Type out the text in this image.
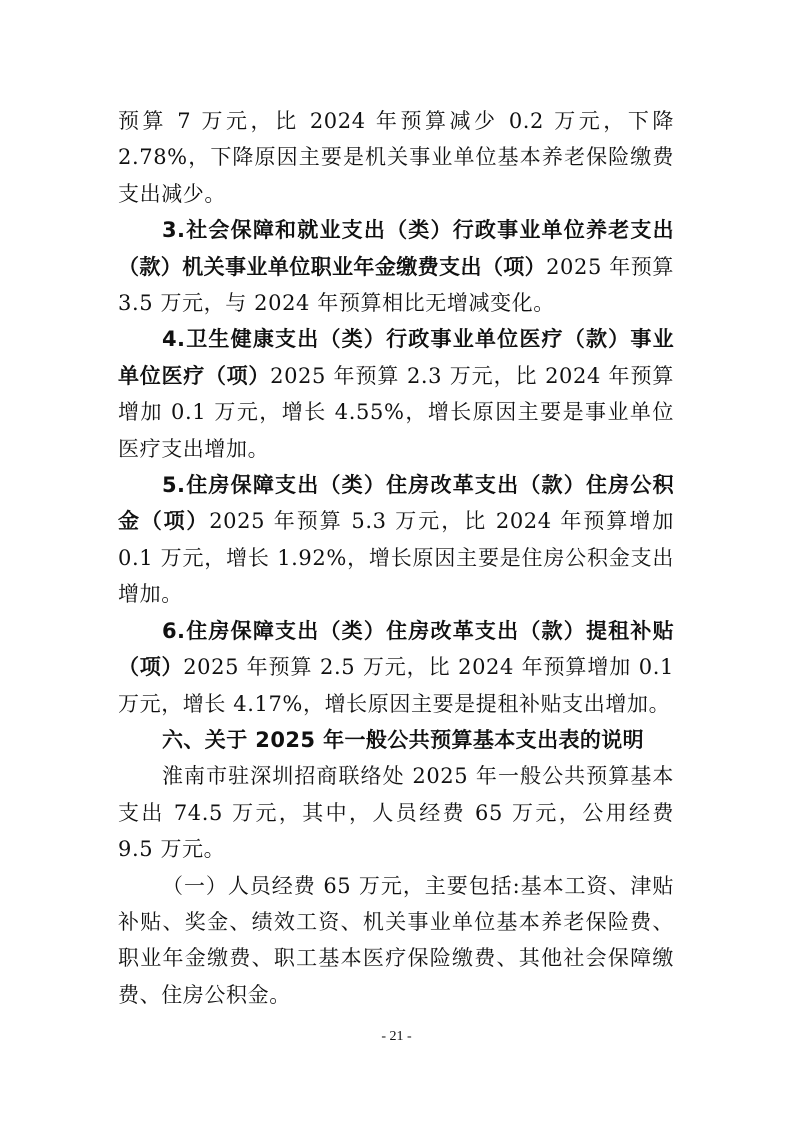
预算 7 万元，比 2024 年预算减少 0.2 万元，下降 2.78%，下降原因主要是机关事业单位基本养老保险缴费支出减少。

3.社会保障和就业支出（类）行政事业单位养老支出（款）机关事业单位职业年金缴费支出（项）2025 年预算 3.5 万元，与 2024 年预算相比无增减变化。

4.卫生健康支出（类）行政事业单位医疗（款）事业单位医疗（项）2025 年预算 2.3 万元，比 2024 年预算增加 0.1 万元，增长 4.55%，增长原因主要是事业单位医疗支出增加。

5.住房保障支出（类）住房改革支出（款）住房公积金（项）2025 年预算 5.3 万元，比 2024 年预算增加 0.1 万元，增长 1.92%，增长原因主要是住房公积金支出增加。

6.住房保障支出（类）住房改革支出（款）提租补贴（项）2025 年预算 2.5 万元，比 2024 年预算增加 0.1 万元，增长 4.17%，增长原因主要是提租补贴支出增加。

六、关于 2025 年一般公共预算基本支出表的说明

淮南市驻深圳招商联络处 2025 年一般公共预算基本支出 74.5 万元，其中，人员经费 65 万元，公用经费 9.5 万元。

（一）人员经费 65 万元，主要包括:基本工资、津贴补贴、奖金、绩效工资、机关事业单位基本养老保险费、职业年金缴费、职工基本医疗保险缴费、其他社会保障缴费、住房公积金。

- 21 -
